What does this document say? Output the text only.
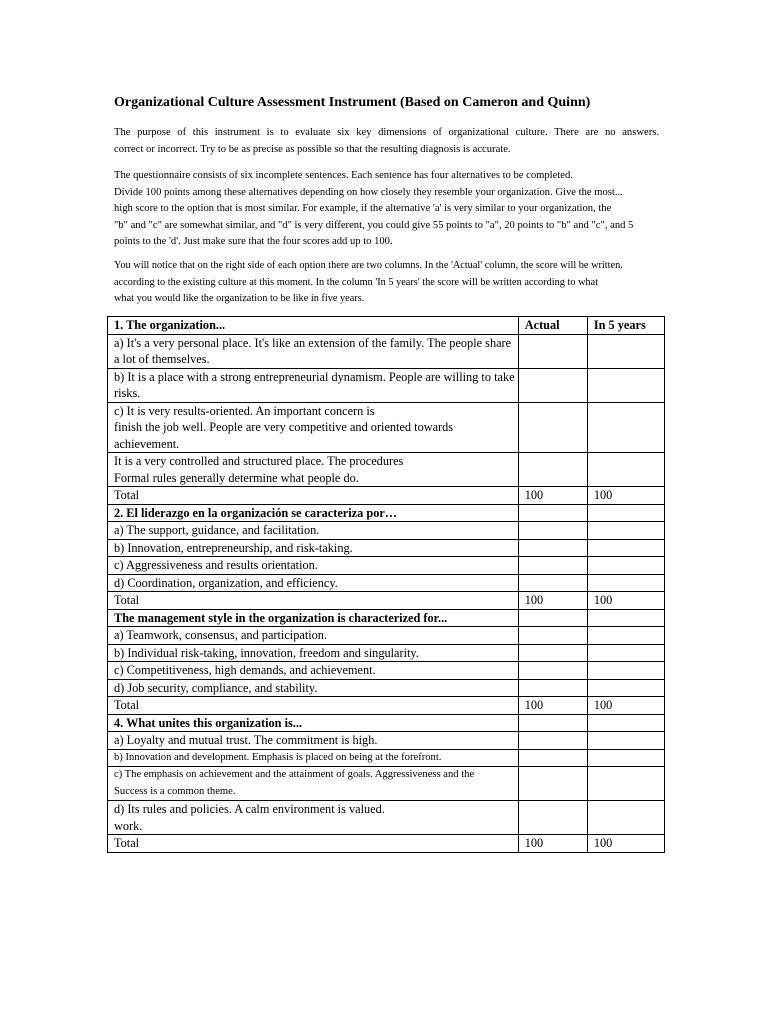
Organizational Culture Assessment Instrument (Based on Cameron and Quinn)
The purpose of this instrument is to evaluate six key dimensions of organizational culture. There are no answers.
correct or incorrect. Try to be as precise as possible so that the resulting diagnosis is accurate.
The questionnaire consists of six incomplete sentences. Each sentence has four alternatives to be completed.
Divide 100 points among these alternatives depending on how closely they resemble your organization. Give the most...
high score to the option that is most similar. For example, if the alternative 'a' is very similar to your organization, the
"b" and "c" are somewhat similar, and "d" is very different, you could give 55 points to "a", 20 points to "b" and "c", and 5
points to the 'd'. Just make sure that the four scores add up to 100.
You will notice that on the right side of each option there are two columns. In the 'Actual' column, the score will be written.
according to the existing culture at this moment. In the column 'In 5 years' the score will be written according to what
what you would like the organization to be like in five years.
1. The organization...	Actual	In 5 years
a) It's a very personal place. It's like an extension of the family. The people share a lot of themselves.		
b) It is a place with a strong entrepreneurial dynamism. People are willing to take risks.		
c) It is very results-oriented. An important concern is
finish the job well. People are very competitive and oriented towards achievement.		
It is a very controlled and structured place. The procedures
Formal rules generally determine what people do.		
Total	100	100
2. El liderazgo en la organización se caracteriza por…		
a) The support, guidance, and facilitation.		
b) Innovation, entrepreneurship, and risk-taking.		
c) Aggressiveness and results orientation.		
d) Coordination, organization, and efficiency.		
Total	100	100
The management style in the organization is characterized for...		
a) Teamwork, consensus, and participation.		
b) Individual risk-taking, innovation, freedom and singularity.		
c) Competitiveness, high demands, and achievement.		
d) Job security, compliance, and stability.		
Total	100	100
4. What unites this organization is...		
a) Loyalty and mutual trust. The commitment is high.		
b) Innovation and development. Emphasis is placed on being at the forefront.		
c) The emphasis on achievement and the attainment of goals. Aggressiveness and the
Success is a common theme.		
d) Its rules and policies. A calm environment is valued.
work.		
Total	100	100
